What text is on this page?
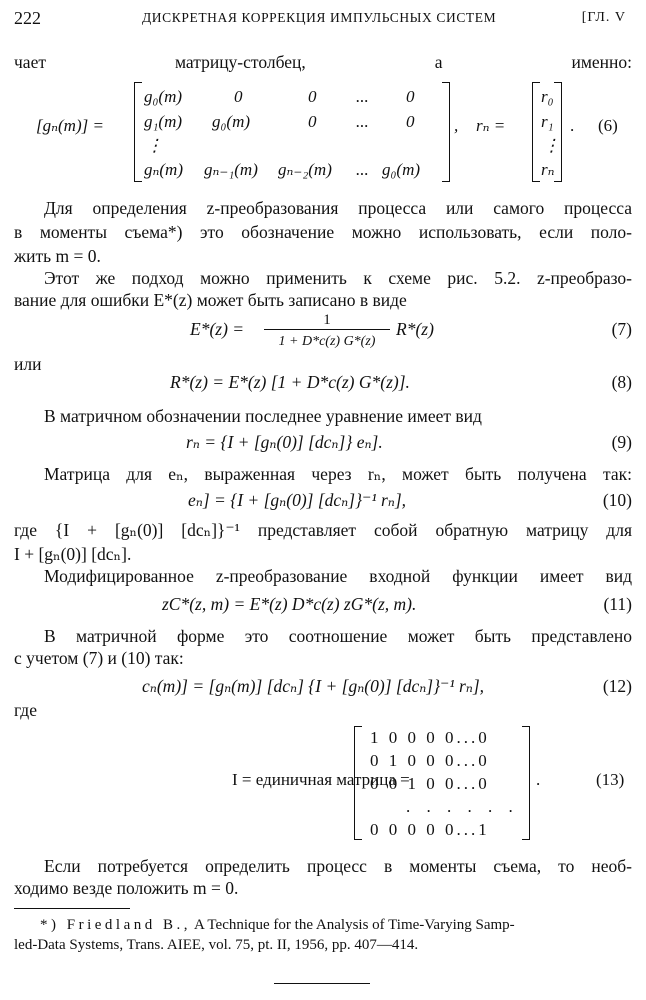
222	ДИСКРЕТНАЯ КОРРЕКЦИЯ ИМПУЛЬСНЫХ СИСТЕМ	[ГЛ. V
чает матрицу-столбец, а именно:
[gₙ(m)] =
g₀(m)	0	0 ... 0
g₁(m) g₀(m)	0 ... 0
⋮
gₙ(m) gₙ₋₁(m) gₙ₋₂(m) ... g₀(m)
, rₙ =
r₀
r₁
⋮
rₙ
. (6)
Для определения z-преобразования процесса или самого процесса
в моменты съема*) это обозначение можно использовать, если поло-
жить m = 0.
Этот же подход можно применить к схеме рис. 5.2. z-преобразо-
вание для ошибки E*(z) может быть записано в виде
E*(z) =	1
1 + D*c(z) G*(z)
R*(z)	(7)
или
R*(z) = E*(z) [1 + D*c(z) G*(z)].	(8)
В матричном обозначении последнее уравнение имеет вид
rₙ = {I + [gₙ(0)] [dcₙ]} eₙ].	(9)
Матрица для eₙ, выраженная через rₙ, может быть получена так:
eₙ] = {I + [gₙ(0)] [dcₙ]}⁻¹ rₙ],	(10)
где {I + [gₙ(0)] [dcₙ]}⁻¹ представляет собой обратную матрицу для
I + [gₙ(0)] [dcₙ].
Модифицированное z-преобразование входной функции имеет вид
zC*(z, m) = E*(z) D*c(z) zG*(z, m).	(11)
В матричной форме это соотношение может быть представлено
с учетом (7) и (10) так:
cₙ(m)] = [gₙ(m)] [dcₙ] {I + [gₙ(0)] [dcₙ]}⁻¹ rₙ],	(12)
где
I = единичная матрица =
1 0 0 0 0...0
0 1 0 0 0...0
0 0 1 0 0...0
. . . . . .
0 0 0 0 0...1
.	(13)
Если потребуется определить процесс в моменты съема, то необ-
ходимо везде положить m = 0.
*) Friedland B., A Technique for the Analysis of Time-Varying Samp-
led-Data Systems, Trans. AIEE, vol. 75, pt. II, 1956, pp. 407—414.
